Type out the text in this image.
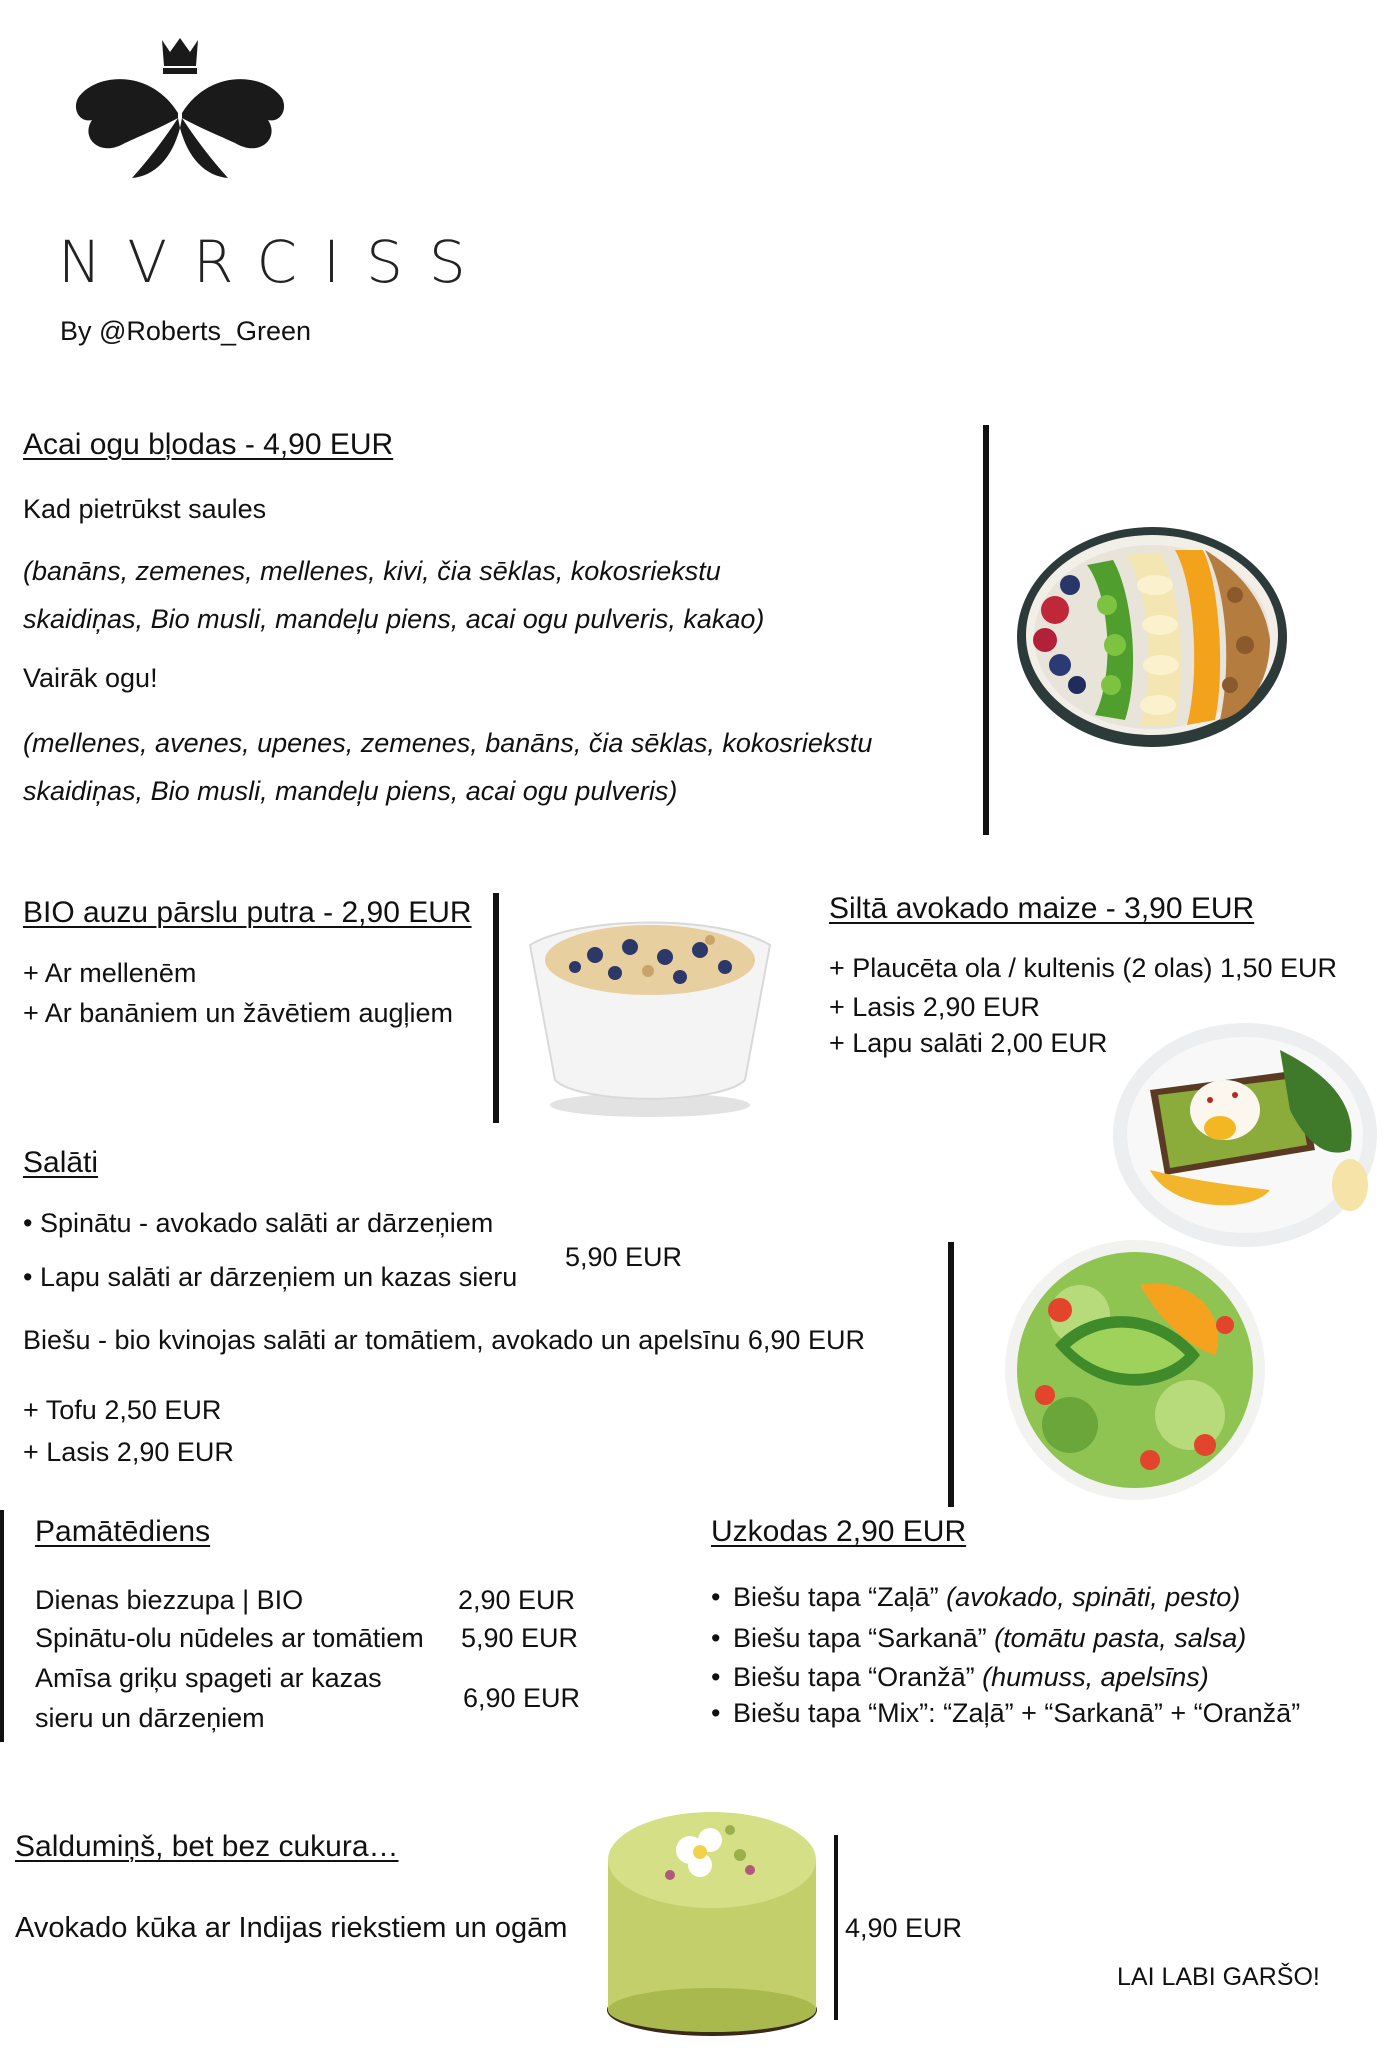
NVRCISS
By @Roberts_Green
Acai ogu bļodas - 4,90 EUR
Kad pietrūkst saules
(banāns, zemenes, mellenes, kivi, čia sēklas, kokosriekstu
skaidiņas, Bio musli, mandeļu piens, acai ogu pulveris, kakao)
Vairāk ogu!
(mellenes, avenes, upenes, zemenes, banāns, čia sēklas, kokosriekstu
skaidiņas, Bio musli, mandeļu piens, acai ogu pulveris)
BIO auzu pārslu putra - 2,90 EUR
+ Ar mellenēm
+ Ar banāniem un žāvētiem augļiem
Siltā avokado maize - 3,90 EUR
+ Plaucēta ola / kultenis (2 olas) 1,50 EUR
+ Lasis 2,90 EUR
+ Lapu salāti 2,00 EUR
Salāti
• Spinātu - avokado salāti ar dārzeņiem
• Lapu salāti ar dārzeņiem un kazas sieru
5,90 EUR
Biešu - bio kvinojas salāti ar tomātiem, avokado un apelsīnu 6,90 EUR
+ Tofu 2,50 EUR
+ Lasis 2,90 EUR
Pamātēdiens
Dienas biezzupa | BIO	2,90 EUR
Spinātu-olu nūdeles ar tomātiem 5,90 EUR
Amīsa griķu spageti ar kazas
sieru un dārzeņiem
6,90 EUR
Uzkodas 2,90 EUR
• Biešu tapa “Zaļā” (avokado, spināti, pesto)
• Biešu tapa “Sarkanā” (tomātu pasta, salsa)
• Biešu tapa “Oranžā” (humuss, apelsīns)
• Biešu tapa “Mix”: “Zaļā” + “Sarkanā” + “Oranžā”
Saldumiņš, bet bez cukura…
Avokado kūka ar Indijas riekstiem un ogām	4,90 EUR
LAI LABI GARŠO!
